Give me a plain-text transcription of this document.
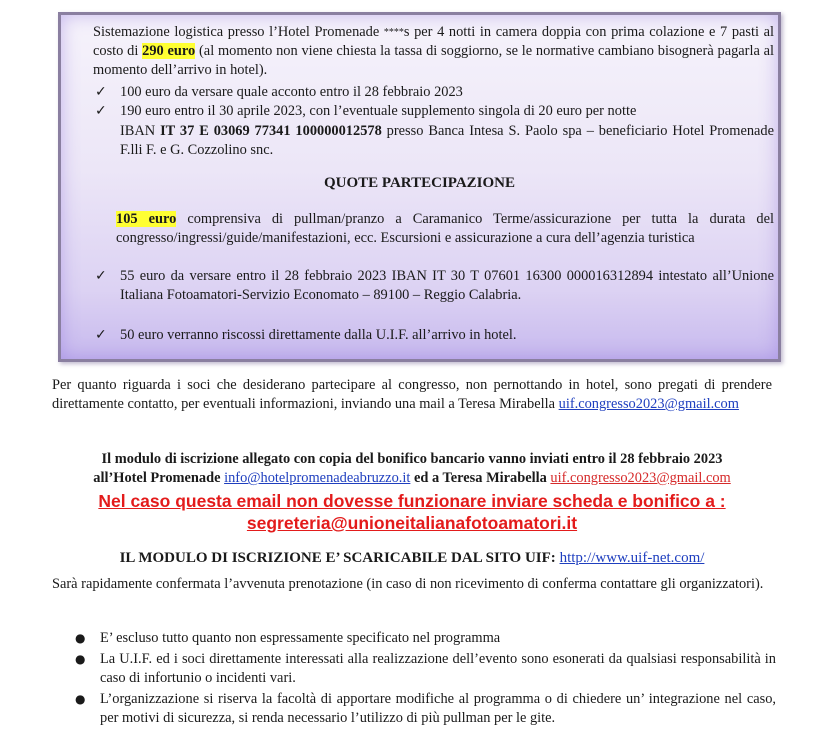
Sistemazione logistica presso l’Hotel Promenade ****s per 4 notti in camera doppia con prima colazione e 7 pasti al costo di 290 euro (al momento non viene chiesta la tassa di soggiorno, se le normative cambiano bisognerà pagarla al momento dell’arrivo in hotel).
✓ 100 euro da versare quale acconto entro il 28 febbraio 2023
✓ 190 euro entro il 30 aprile 2023, con l’eventuale supplemento singola di 20 euro per notte
IBAN IT 37 E 03069 77341 100000012578 presso Banca Intesa S. Paolo spa – beneficiario Hotel Promenade F.lli F. e G. Cozzolino snc.
QUOTE PARTECIPAZIONE
105 euro comprensiva di pullman/pranzo a Caramanico Terme/assicurazione per tutta la durata del congresso/ingressi/guide/manifestazioni, ecc. Escursioni e assicurazione a cura dell’agenzia turistica
✓ 55 euro da versare entro il 28 febbraio 2023 IBAN IT 30 T 07601 16300 000016312894 intestato all’Unione Italiana Fotoamatori-Servizio Economato – 89100 – Reggio Calabria.
✓ 50 euro verranno riscossi direttamente dalla U.I.F. all’arrivo in hotel.
Per quanto riguarda i soci che desiderano partecipare al congresso, non pernottando in hotel, sono pregati di prendere direttamente contatto, per eventuali informazioni, inviando una mail a Teresa Mirabella uif.congresso2023@gmail.com
Il modulo di iscrizione allegato con copia del bonifico bancario vanno inviati entro il 28 febbraio 2023
all’Hotel Promenade info@hotelpromenadeabruzzo.it ed a Teresa Mirabella uif.congresso2023@gmail.com
Nel caso questa email non dovesse funzionare inviare scheda e bonifico a :
segreteria@unioneitalianafotoamatori.it
IL MODULO DI ISCRIZIONE E’ SCARICABILE DAL SITO UIF: http://www.uif-net.com/
Sarà rapidamente confermata l’avvenuta prenotazione (in caso di non ricevimento di conferma contattare gli organizzatori).
● E’ escluso tutto quanto non espressamente specificato nel programma
● La U.I.F. ed i soci direttamente interessati alla realizzazione dell’evento sono esonerati da qualsiasi responsabilità in caso di infortunio o incidenti vari.
● L’organizzazione si riserva la facoltà di apportare modifiche al programma o di chiedere un’ integrazione nel caso, per motivi di sicurezza, si renda necessario l’utilizzo di più pullman per le gite.
